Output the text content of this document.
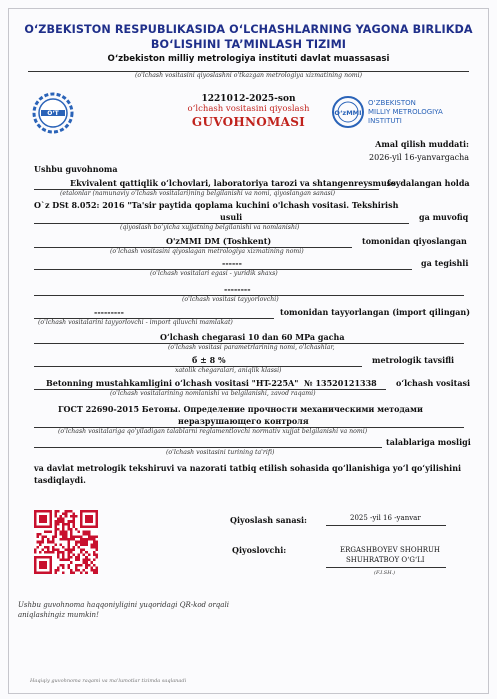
O‘ZBEKISTON RESPUBLIKASIDA O‘LCHASHLARNING YAGONA BIRLIKDA
BO‘LISHINI TA’MINLASH TIZIMI
O‘zbekiston milliy metrologiya instituti davlat muassasasi
(o'lchash vositasini qiyoslashni o'tkazgan metrologiya xizmatining nomi)
O‘T	O‘zMMI
O‘ZBEKISTON
MILLIY METROLOGIYA
INSTITUTI
1221012-2025-son
o‘lchash vositasini qiyoslash
GUVOHNOMASI
Amal qilish muddati:
2026-yil 16-yanvargacha
Ushbu guvohnoma
Ekvivalent qattiqlik o‘lchovlari, laboratoriya tarozi va shtangenreysmuss
foydalangan holda
(etalonlar (namunaviy o‘lchash vositalari)ning belgilanishi va nomi, qiyoslangan sanasi)
O`z DSt 8.052: 2016 "Ta'sir paytida qoplama kuchini o'lchash vositasi. Tekshirish
usuli	ga muvofiq
(qiyoslash bo‘yicha xujjatning belgilanishi va nomlanishi)
O'zMMI DM (Toshkent)	tomonidan qiyoslangan
(o‘lchash vositasini qiyoslagan metrologiya xizmatining nomi)
------	ga tegishli
(o'lchash vositalari egasi - yuridik shaxs)
--------
(o'lchash vositasi tayyorlovchi)
---------	tomonidan tayyorlangan (import qilingan)
(o'lchash vositalarini tayyorlovchi - import qiluvchi mamlakat)
O‘lchash chegarasi 10 dan 60 MPa gacha
(o'lchash vositasi parametrlarining nomi, o'lchashlar,
б ± 8 %	metrologik tavsifli
xatolik chegaralari, aniqlik klassi)
Betonning mustahkamligini o‘lchash vositasi "HT-225A" № 13520121338 o‘lchash vositasi
(o'lchash vositalarining nomlanishi va belgilanishi, zavod raqami)
ГОСТ 22690-2015 Бетоны. Определение прочности механическими методами
неразрушающего контроля
(o'lchash vositalariga qo'yiladigan talablarni reglamentlovchi normativ xujjat belgilanishi va nomi)
talablariga mosligi
(o'lchash vositasini turining ta'rifi)
va davlat metrologik tekshiruvi va nazorati tatbiq etilish sohasida qo‘llanishiga yo‘l qo‘yilishini
tasdiqlaydi.
Qiyoslash sanasi:	2025 -yil 16 -yanvar
Qiyoslovchi:	ERGASHBOYEV SHOHRUH
SHUHRATBOY O‘G‘LI
(F.I.SH.)
Ushbu guvohnoma haqqoniyligini yuqoridagi QR-kod orqali
aniqlashingiz mumkin!
Haqiqiy guvohnoma raqami va ma'lumotlar tizimda saqlanadi
